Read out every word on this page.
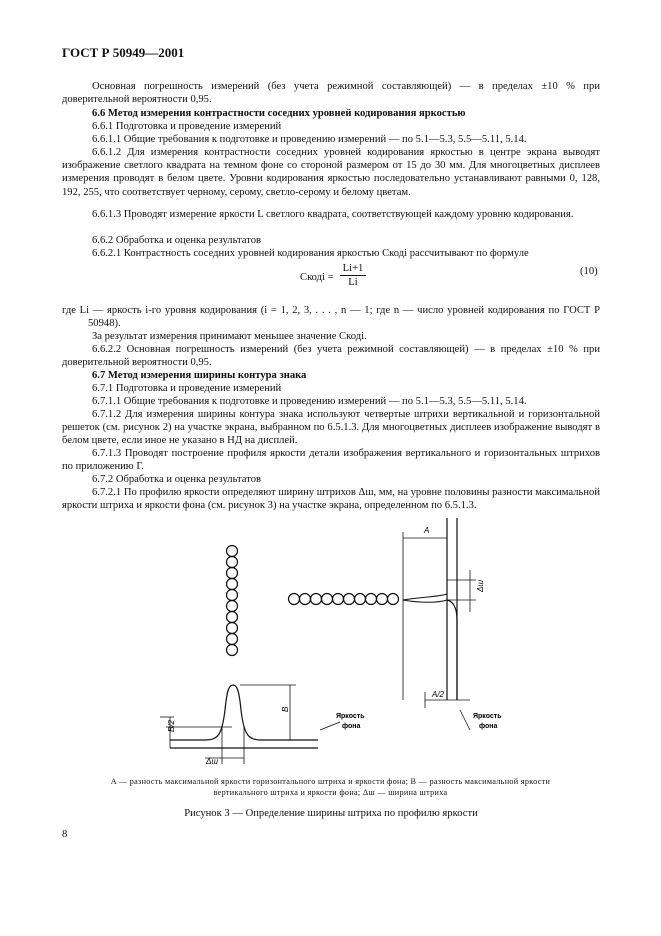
ГОСТ Р 50949—2001
Основная погрешность измерений (без учета режимной составляющей) — в пределах ±10 % при доверительной вероятности 0,95.
6.6 Метод измерения контрастности соседних уровней кодирования яркостью
6.6.1 Подготовка и проведение измерений
6.6.1.1 Общие требования к подготовке и проведению измерений — по 5.1—5.3, 5.5—5.11, 5.14.
6.6.1.2 Для измерения контрастности соседних уровней кодирования яркостью в центре экрана выводят изображение светлого квадрата на темном фоне со стороной размером от 15 до 30 мм. Для многоцветных дисплеев измерения проводят в белом цвете. Уровни кодирования яркостью последовательно устанавливают равными 0, 128, 192, 255, что соответствует черному, серому, светло-серому и белому цветам.
6.6.1.3 Проводят измерение яркости L светлого квадрата, соответствующей каждому уровню кодирования.
6.6.2 Обработка и оценка результатов
6.6.2.1 Контрастность соседних уровней кодирования яркостью Cкодi рассчитывают по формуле
Cкодi =
Li+1
Li
(10)
где Li — яркость i-го уровня кодирования (i = 1, 2, 3, . . . , n — 1; где n — число уровней кодирования по ГОСТ Р 50948).
За результат измерения принимают меньшее значение Cкодi.
6.6.2.2 Основная погрешность измерений (без учета режимной составляющей) — в пределах ±10 % при доверительной вероятности 0,95.
6.7 Метод измерения ширины контура знака
6.7.1 Подготовка и проведение измерений
6.7.1.1 Общие требования к подготовке и проведению измерений — по 5.1—5.3, 5.5—5.11, 5.14.
6.7.1.2 Для измерения ширины контура знака используют четвертые штрихи вертикальной и горизонтальной решеток (см. рисунок 2) на участке экрана, выбранном по 6.5.1.3. Для многоцветных дисплеев изображение выводят в белом цвете, если иное не указано в НД на дисплей.
6.7.1.3 Проводят построение профиля яркости детали изображения вертикального и горизонтальных штрихов по приложению Г.
6.7.2 Обработка и оценка результатов
6.7.2.1 По профилю яркости определяют ширину штрихов Δш, мм, на уровне половины разности максимальной яркости штриха и яркости фона (см. рисунок 3) на участке экрана, определенном по 6.5.1.3.
A
A/2
Δш
B
B/2
Δш
Яркость
фона
Яркость
фона
A — разность максимальной яркости горизонтального штриха и яркости фона; B — разность максимальной яркости вертикального штриха и яркости фона; Δш — ширина штриха
Рисунок 3 — Определение ширины штриха по профилю яркости
8
